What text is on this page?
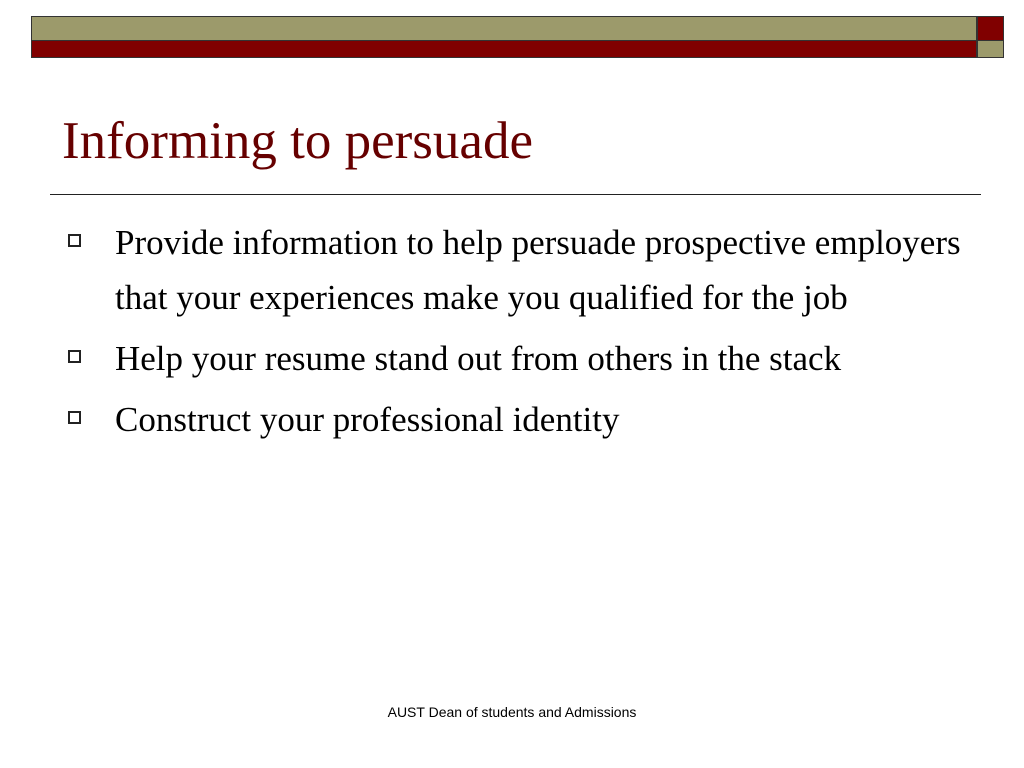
Informing to persuade
Provide information to help persuade prospective employers that your experiences make you qualified for the job
Help your resume stand out from others in the stack
Construct your professional identity
AUST Dean of students and Admissions
